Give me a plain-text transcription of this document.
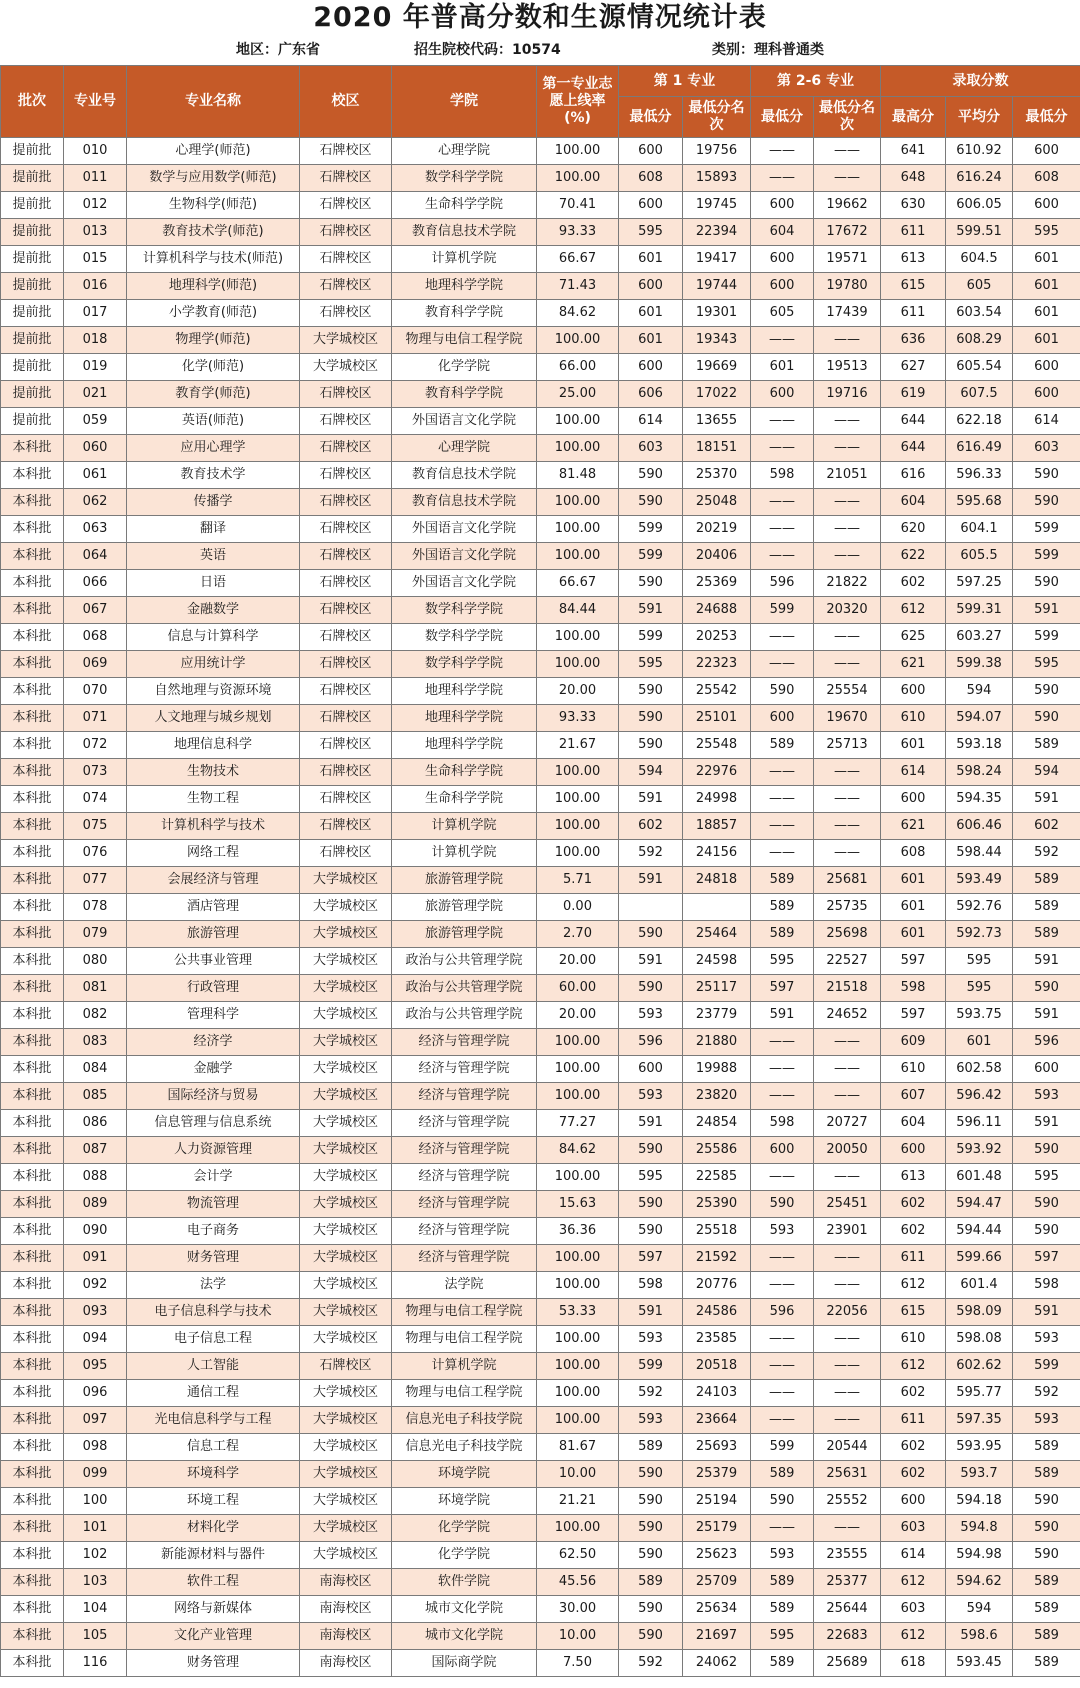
2020 年普高分数和生源情况统计表
地区：广东省	招生院校代码：10574	类别：理科普通类
批次	专业号	专业名称	校区	学院	第一专业志愿上线率(%)	第 1 专业		第 2-6 专业		录取分数		
						最低分	最低分名次	最低分	最低分名次	最高分	平均分	最低分
提前批	010	心理学(师范)	石牌校区	心理学院	100.00	600	19756	——	——	641	610.92	600
提前批	011	数学与应用数学(师范)	石牌校区	数学科学学院	100.00	608	15893	——	——	648	616.24	608
提前批	012	生物科学(师范)	石牌校区	生命科学学院	70.41	600	19745	600	19662	630	606.05	600
提前批	013	教育技术学(师范)	石牌校区	教育信息技术学院	93.33	595	22394	604	17672	611	599.51	595
提前批	015	计算机科学与技术(师范)	石牌校区	计算机学院	66.67	601	19417	600	19571	613	604.5	601
提前批	016	地理科学(师范)	石牌校区	地理科学学院	71.43	600	19744	600	19780	615	605	601
提前批	017	小学教育(师范)	石牌校区	教育科学学院	84.62	601	19301	605	17439	611	603.54	601
提前批	018	物理学(师范)	大学城校区	物理与电信工程学院	100.00	601	19343	——	——	636	608.29	601
提前批	019	化学(师范)	大学城校区	化学学院	66.00	600	19669	601	19513	627	605.54	600
提前批	021	教育学(师范)	石牌校区	教育科学学院	25.00	606	17022	600	19716	619	607.5	600
提前批	059	英语(师范)	石牌校区	外国语言文化学院	100.00	614	13655	——	——	644	622.18	614
本科批	060	应用心理学	石牌校区	心理学院	100.00	603	18151	——	——	644	616.49	603
本科批	061	教育技术学	石牌校区	教育信息技术学院	81.48	590	25370	598	21051	616	596.33	590
本科批	062	传播学	石牌校区	教育信息技术学院	100.00	590	25048	——	——	604	595.68	590
本科批	063	翻译	石牌校区	外国语言文化学院	100.00	599	20219	——	——	620	604.1	599
本科批	064	英语	石牌校区	外国语言文化学院	100.00	599	20406	——	——	622	605.5	599
本科批	066	日语	石牌校区	外国语言文化学院	66.67	590	25369	596	21822	602	597.25	590
本科批	067	金融数学	石牌校区	数学科学学院	84.44	591	24688	599	20320	612	599.31	591
本科批	068	信息与计算科学	石牌校区	数学科学学院	100.00	599	20253	——	——	625	603.27	599
本科批	069	应用统计学	石牌校区	数学科学学院	100.00	595	22323	——	——	621	599.38	595
本科批	070	自然地理与资源环境	石牌校区	地理科学学院	20.00	590	25542	590	25554	600	594	590
本科批	071	人文地理与城乡规划	石牌校区	地理科学学院	93.33	590	25101	600	19670	610	594.07	590
本科批	072	地理信息科学	石牌校区	地理科学学院	21.67	590	25548	589	25713	601	593.18	589
本科批	073	生物技术	石牌校区	生命科学学院	100.00	594	22976	——	——	614	598.24	594
本科批	074	生物工程	石牌校区	生命科学学院	100.00	591	24998	——	——	600	594.35	591
本科批	075	计算机科学与技术	石牌校区	计算机学院	100.00	602	18857	——	——	621	606.46	602
本科批	076	网络工程	石牌校区	计算机学院	100.00	592	24156	——	——	608	598.44	592
本科批	077	会展经济与管理	大学城校区	旅游管理学院	5.71	591	24818	589	25681	601	593.49	589
本科批	078	酒店管理	大学城校区	旅游管理学院	0.00			589	25735	601	592.76	589
本科批	079	旅游管理	大学城校区	旅游管理学院	2.70	590	25464	589	25698	601	592.73	589
本科批	080	公共事业管理	大学城校区	政治与公共管理学院	20.00	591	24598	595	22527	597	595	591
本科批	081	行政管理	大学城校区	政治与公共管理学院	60.00	590	25117	597	21518	598	595	590
本科批	082	管理科学	大学城校区	政治与公共管理学院	20.00	593	23779	591	24652	597	593.75	591
本科批	083	经济学	大学城校区	经济与管理学院	100.00	596	21880	——	——	609	601	596
本科批	084	金融学	大学城校区	经济与管理学院	100.00	600	19988	——	——	610	602.58	600
本科批	085	国际经济与贸易	大学城校区	经济与管理学院	100.00	593	23820	——	——	607	596.42	593
本科批	086	信息管理与信息系统	大学城校区	经济与管理学院	77.27	591	24854	598	20727	604	596.11	591
本科批	087	人力资源管理	大学城校区	经济与管理学院	84.62	590	25586	600	20050	600	593.92	590
本科批	088	会计学	大学城校区	经济与管理学院	100.00	595	22585	——	——	613	601.48	595
本科批	089	物流管理	大学城校区	经济与管理学院	15.63	590	25390	590	25451	602	594.47	590
本科批	090	电子商务	大学城校区	经济与管理学院	36.36	590	25518	593	23901	602	594.44	590
本科批	091	财务管理	大学城校区	经济与管理学院	100.00	597	21592	——	——	611	599.66	597
本科批	092	法学	大学城校区	法学院	100.00	598	20776	——	——	612	601.4	598
本科批	093	电子信息科学与技术	大学城校区	物理与电信工程学院	53.33	591	24586	596	22056	615	598.09	591
本科批	094	电子信息工程	大学城校区	物理与电信工程学院	100.00	593	23585	——	——	610	598.08	593
本科批	095	人工智能	石牌校区	计算机学院	100.00	599	20518	——	——	612	602.62	599
本科批	096	通信工程	大学城校区	物理与电信工程学院	100.00	592	24103	——	——	602	595.77	592
本科批	097	光电信息科学与工程	大学城校区	信息光电子科技学院	100.00	593	23664	——	——	611	597.35	593
本科批	098	信息工程	大学城校区	信息光电子科技学院	81.67	589	25693	599	20544	602	593.95	589
本科批	099	环境科学	大学城校区	环境学院	10.00	590	25379	589	25631	602	593.7	589
本科批	100	环境工程	大学城校区	环境学院	21.21	590	25194	590	25552	600	594.18	590
本科批	101	材料化学	大学城校区	化学学院	100.00	590	25179	——	——	603	594.8	590
本科批	102	新能源材料与器件	大学城校区	化学学院	62.50	590	25623	593	23555	614	594.98	590
本科批	103	软件工程	南海校区	软件学院	45.56	589	25709	589	25377	612	594.62	589
本科批	104	网络与新媒体	南海校区	城市文化学院	30.00	590	25634	589	25644	603	594	589
本科批	105	文化产业管理	南海校区	城市文化学院	10.00	590	21697	595	22683	612	598.6	589
本科批	116	财务管理	南海校区	国际商学院	7.50	592	24062	589	25689	618	593.45	589
